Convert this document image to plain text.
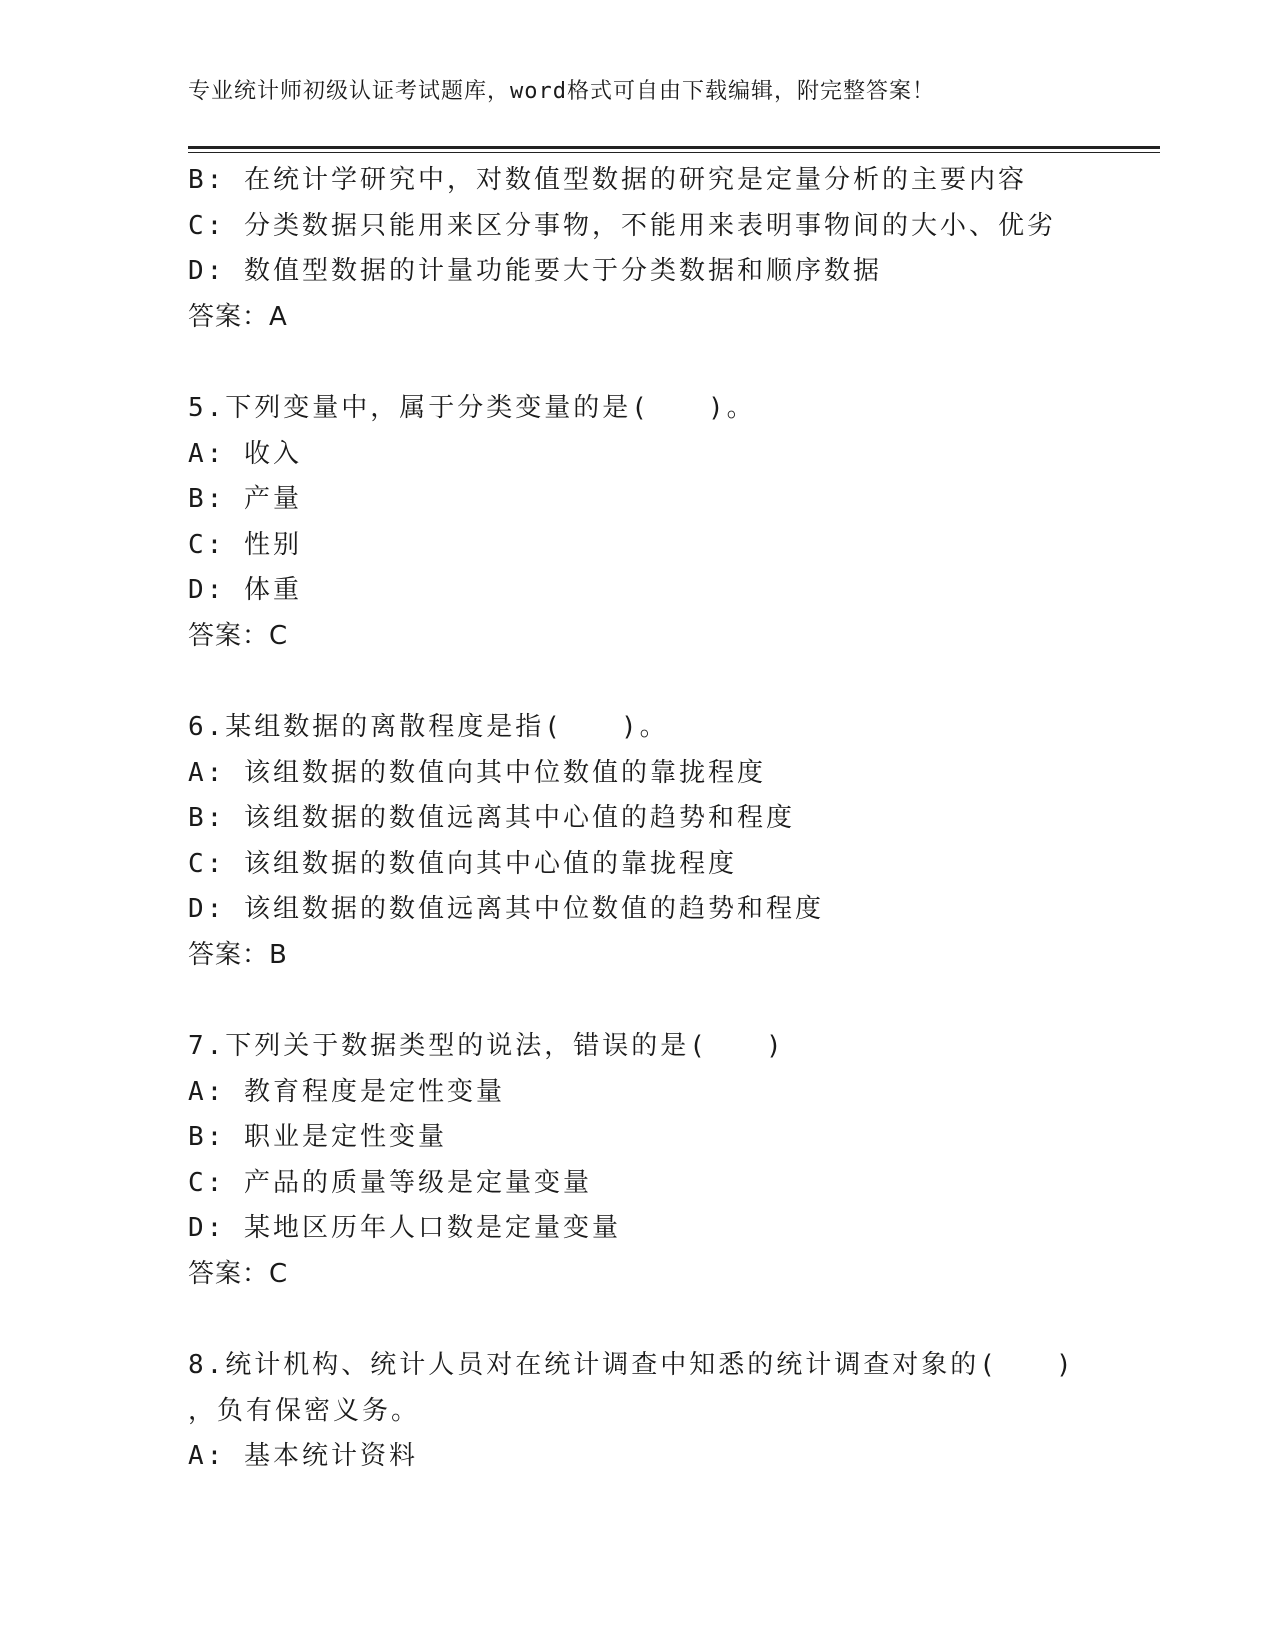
专业统计师初级认证考试题库，word格式可自由下载编辑，附完整答案！
B: 在统计学研究中，对数值型数据的研究是定量分析的主要内容
C: 分类数据只能用来区分事物，不能用来表明事物间的大小、优劣
D: 数值型数据的计量功能要大于分类数据和顺序数据
答案：A
5.下列变量中，属于分类变量的是(　　)。
A: 收入
B: 产量
C: 性别
D: 体重
答案：C
6.某组数据的离散程度是指(　　)。
A: 该组数据的数值向其中位数值的靠拢程度
B: 该组数据的数值远离其中心值的趋势和程度
C: 该组数据的数值向其中心值的靠拢程度
D: 该组数据的数值远离其中位数值的趋势和程度
答案：B
7.下列关于数据类型的说法，错误的是(　　)
A: 教育程度是定性变量
B: 职业是定性变量
C: 产品的质量等级是定量变量
D: 某地区历年人口数是定量变量
答案：C
8.统计机构、统计人员对在统计调查中知悉的统计调查对象的(　　)
，负有保密义务。
A: 基本统计资料
